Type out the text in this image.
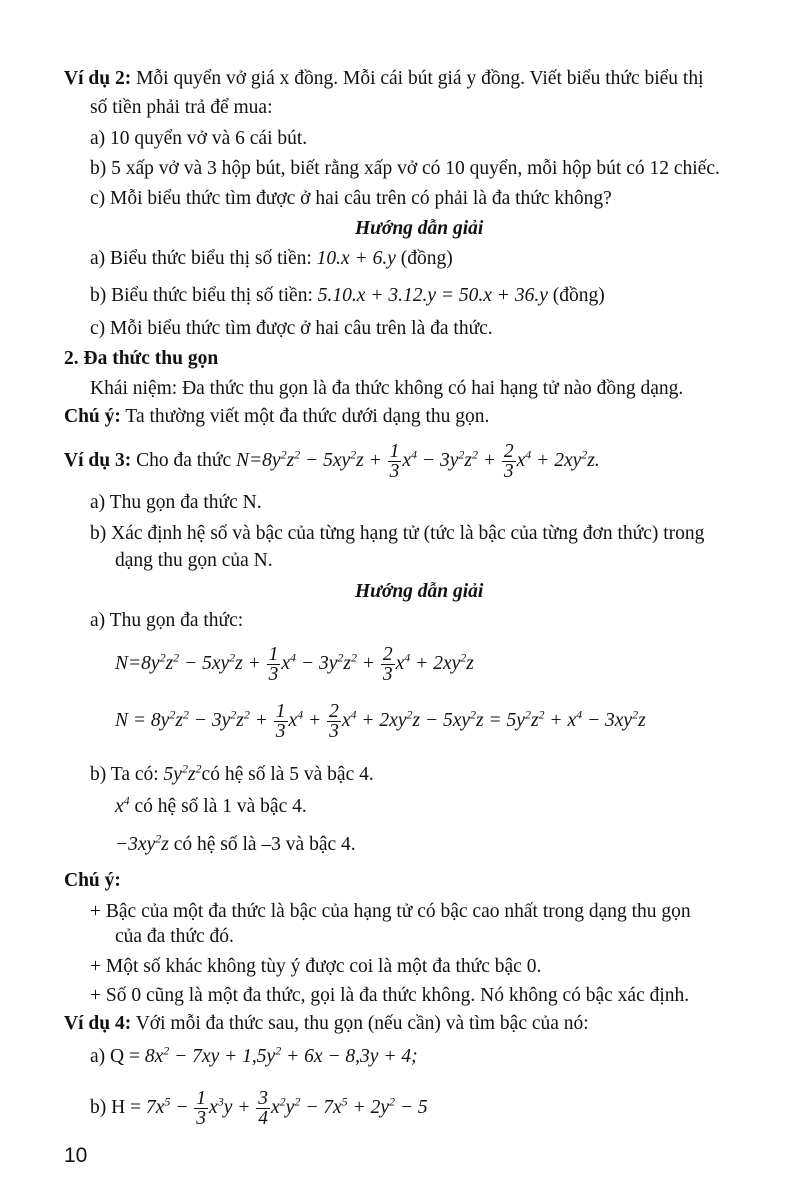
Ví dụ 2: Mỗi quyển vở giá x đồng. Mỗi cái bút giá y đồng. Viết biểu thức biểu thị
số tiền phải trả để mua:
a) 10 quyển vở và 6 cái bút.
b) 5 xấp vở và 3 hộp bút, biết rằng xấp vở có 10 quyển, mỗi hộp bút có 12 chiếc.
c) Mỗi biểu thức tìm được ở hai câu trên có phải là đa thức không?
Hướng dẫn giải
a) Biểu thức biểu thị số tiền: 10.x + 6.y (đồng)
b) Biểu thức biểu thị số tiền: 5.10.x + 3.12.y = 50.x + 36.y (đồng)
c) Mỗi biểu thức tìm được ở hai câu trên là đa thức.
2. Đa thức thu gọn
Khái niệm: Đa thức thu gọn là đa thức không có hai hạng tử nào đồng dạng.
Chú ý: Ta thường viết một đa thức dưới dạng thu gọn.
Ví dụ 3: Cho đa thức $N=8y^2z^2 - 5xy^2z + \frac{1}{3} x^4 - 3y^2z^2 + \frac{2}{3} x^4 + 2xy^2z$.
a) Thu gọn đa thức N.
b) Xác định hệ số và bậc của từng hạng tử (tức là bậc của từng đơn thức) trong
dạng thu gọn của N.
Hướng dẫn giải
a) Thu gọn đa thức:
$N=8y^2z^2 - 5xy^2z + \frac{1}{3} x^4 - 3y^2z^2 + \frac{2}{3} x^4 + 2xy^2z$
$N = 8y^2z^2 - 3y^2z^2 + \frac{1}{3} x^4 + \frac{2}{3} x^4 + 2xy^2z - 5xy^2z = 5y^2z^2 + x^4 - 3xy^2z$
b) Ta có: $5y^2z^2có$ hệ số là 5 và bậc 4.
$x^4$ có hệ số là 1 và bậc 4.
$-3xy^2z$ có hệ số là –3 và bậc 4.
Chú ý:
+ Bậc của một đa thức là bậc của hạng tử có bậc cao nhất trong dạng thu gọn
của đa thức đó.
+ Một số khác không tùy ý được coi là một đa thức bậc 0.
+ Số 0 cũng là một đa thức, gọi là đa thức không. Nó không có bậc xác định.
Ví dụ 4: Với mỗi đa thức sau, thu gọn (nếu cần) và tìm bậc của nó:
a) $Q = 8x^2 - 7xy + 1,5y^2 + 6x - 8,3y + 4$;
b) $H = 7x^5 - \frac{1}{3} x^3y + \frac{3}{4} x^2y^2 - 7x^5 + 2y^2 - 5$
10
